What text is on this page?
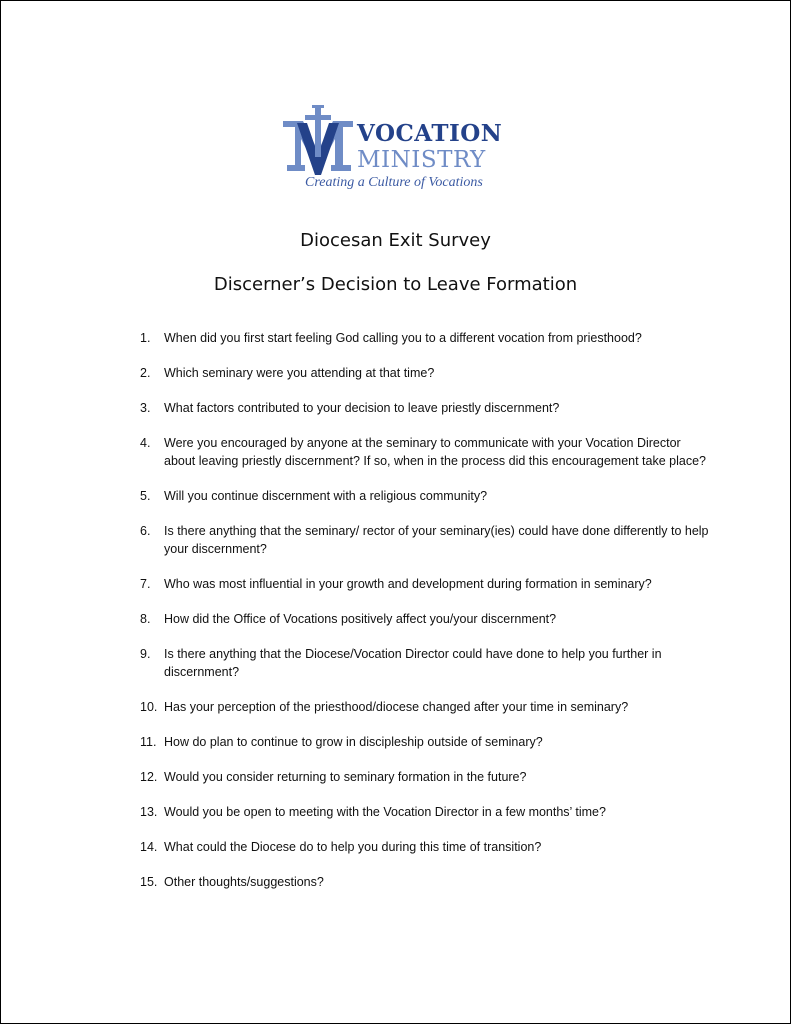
VOCATION
MINISTRY
Creating a Culture of Vocations
Diocesan Exit Survey
Discerner’s Decision to Leave Formation
1. When did you first start feeling God calling you to a different vocation from priesthood?
2. Which seminary were you attending at that time?
3. What factors contributed to your decision to leave priestly discernment?
4. Were you encouraged by anyone at the seminary to communicate with your Vocation Director about leaving priestly discernment? If so, when in the process did this encouragement take place?
5. Will you continue discernment with a religious community?
6. Is there anything that the seminary/ rector of your seminary(ies) could have done differently to help your discernment?
7. Who was most influential in your growth and development during formation in seminary?
8. How did the Office of Vocations positively affect you/your discernment?
9. Is there anything that the Diocese/Vocation Director could have done to help you further in discernment?
10. Has your perception of the priesthood/diocese changed after your time in seminary?
11. How do plan to continue to grow in discipleship outside of seminary?
12. Would you consider returning to seminary formation in the future?
13. Would you be open to meeting with the Vocation Director in a few months’ time?
14. What could the Diocese do to help you during this time of transition?
15. Other thoughts/suggestions?
